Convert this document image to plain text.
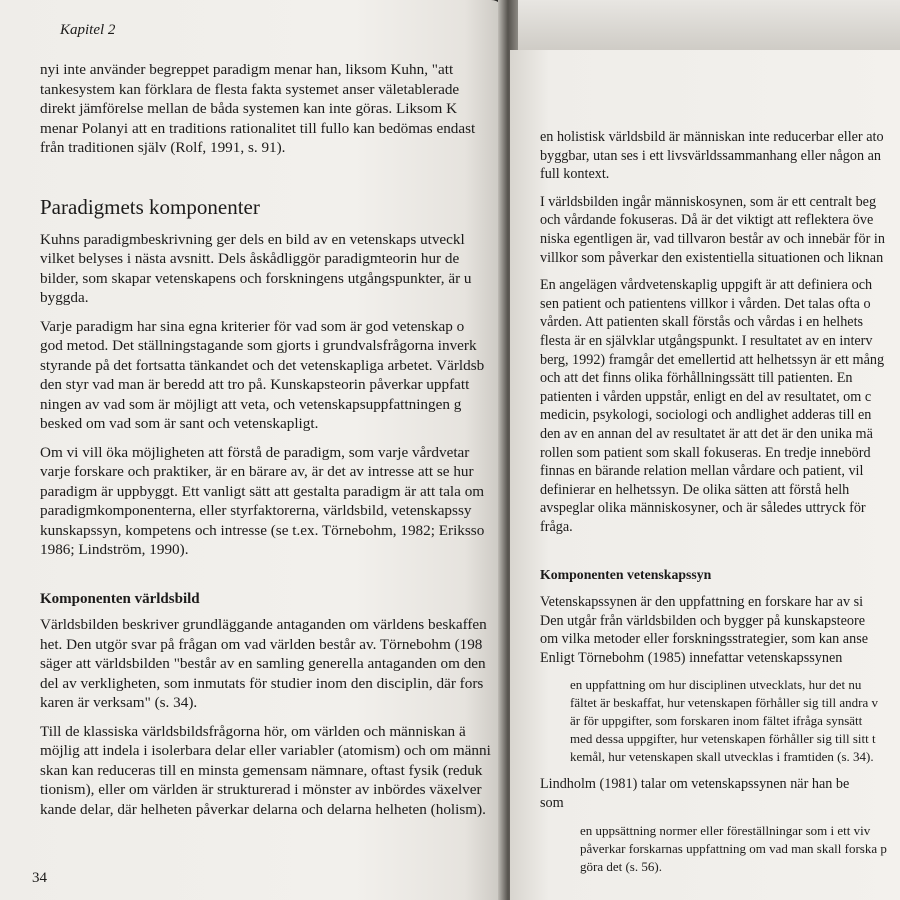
Kapitel 2
nyi inte använder begreppet paradigm menar han, liksom Kuhn, "att
tankesystem kan förklara de flesta fakta systemet anser väletablerade
direkt jämförelse mellan de båda systemen kan inte göras. Liksom K
menar Polanyi att en traditions rationalitet till fullo kan bedömas endast
från traditionen själv (Rolf, 1991, s. 91).
Paradigmets komponenter
Kuhns paradigmbeskrivning ger dels en bild av en vetenskaps utveckl
vilket belyses i nästa avsnitt. Dels åskådliggör paradigmteorin hur de
bilder, som skapar vetenskapens och forskningens utgångspunkter, är u
byggda.
Varje paradigm har sina egna kriterier för vad som är god vetenskap o
god metod. Det ställningstagande som gjorts i grundvalsfrågorna inverk
styrande på det fortsatta tänkandet och det vetenskapliga arbetet. Världsb
den styr vad man är beredd att tro på. Kunskapsteorin påverkar uppfatt
ningen av vad som är möjligt att veta, och vetenskapsuppfattningen g
besked om vad som är sant och vetenskapligt.
Om vi vill öka möjligheten att förstå de paradigm, som varje vårdvetar
varje forskare och praktiker, är en bärare av, är det av intresse att se hur
paradigm är uppbyggt. Ett vanligt sätt att gestalta paradigm är att tala om
paradigmkomponenterna, eller styrfaktorerna, världsbild, vetenskapssy
kunskapssyn, kompetens och intresse (se t.ex. Törnebohm, 1982; Eriksso
1986; Lindström, 1990).
Komponenten världsbild
Världsbilden beskriver grundläggande antaganden om världens beskaffen
het. Den utgör svar på frågan om vad världen består av. Törnebohm (198
säger att världsbilden "består av en samling generella antaganden om den
del av verkligheten, som inmutats för studier inom den disciplin, där fors
karen är verksam" (s. 34).
Till de klassiska världsbildsfrågorna hör, om världen och människan ä
möjlig att indela i isolerbara delar eller variabler (atomism) och om männi
skan kan reduceras till en minsta gemensam nämnare, oftast fysik (reduk
tionism), eller om världen är strukturerad i mönster av inbördes växelver
kande delar, där helheten påverkar delarna och delarna helheten (holism).
34
en holistisk världsbild är människan inte reducerbar eller ato
byggbar, utan ses i ett livsvärldssammanhang eller någon an
full kontext.
I världsbilden ingår människosynen, som är ett centralt beg
och vårdande fokuseras. Då är det viktigt att reflektera öve
niska egentligen är, vad tillvaron består av och innebär för in
villkor som påverkar den existentiella situationen och liknan
En angelägen vårdvetenskaplig uppgift är att definiera och
sen patient och patientens villkor i vården. Det talas ofta o
vården. Att patienten skall förstås och vårdas i en helhets
flesta är en självklar utgångspunkt. I resultatet av en interv
berg, 1992) framgår det emellertid att helhetssyn är ett mång
och att det finns olika förhållningssätt till patienten. En
patienten i vården uppstår, enligt en del av resultatet, om c
medicin, psykologi, sociologi och andlighet adderas till en
den av en annan del av resultatet är att det är den unika mä
rollen som patient som skall fokuseras. En tredje innebörd
finnas en bärande relation mellan vårdare och patient, vil
definierar en helhetssyn. De olika sätten att förstå helh
avspeglar olika människosyner, och är således uttryck för
fråga.
Komponenten vetenskapssyn
Vetenskapssynen är den uppfattning en forskare har av si
Den utgår från världsbilden och bygger på kunskapsteore
om vilka metoder eller forskningsstrategier, som kan anse
Enligt Törnebohm (1985) innefattar vetenskapssynen
en uppfattning om hur disciplinen utvecklats, hur det nu
fältet är beskaffat, hur vetenskapen förhåller sig till andra v
är för uppgifter, som forskaren inom fältet ifråga synsätt
med dessa uppgifter, hur vetenskapen förhåller sig till sitt t
kemål, hur vetenskapen skall utvecklas i framtiden (s. 34).
Lindholm (1981) talar om vetenskapssynen när han be
som
en uppsättning normer eller föreställningar som i ett viv
påverkar forskarnas uppfattning om vad man skall forska p
göra det (s. 56).
